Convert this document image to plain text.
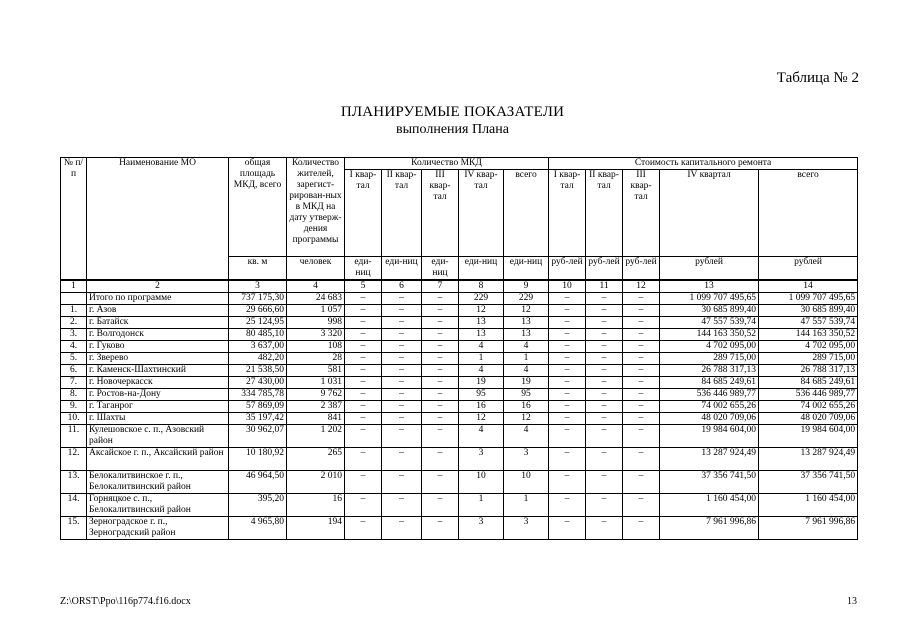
Таблица № 2
ПЛАНИРУЕМЫЕ ПОКАЗАТЕЛИ
выполнения Плана
№ п/п	Наименование МО	общая площадь МКД, всего	Количество жителей, зарегист-рирован-ных в МКД на дату утверж-дения программы	Количество МКД					Стоимость капитального ремонта				
				I квар-тал	II квар-тал	III квар-тал	IV квар-тал	всего	I квар-тал	II квар-тал	III квар-тал	IV квартал	всего
		кв. м	человек	еди-ниц	еди-ниц	еди-ниц	еди-ниц	еди-ниц	руб-лей	руб-лей	руб-лей	рублей	рублей
1	2	3	4	5	6	7	8	9	10	11	12	13	14
	Итого по программе	737 175,30	24 683	–	–	–	229	229	–	–	–	1 099 707 495,65	1 099 707 495,65
1.	г. Азов	29 666,60	1 057	–	–	–	12	12	–	–	–	30 685 899,40	30 685 899,40
2.	г. Батайск	25 124,95	998	–	–	–	13	13	–	–	–	47 557 539,74	47 557 539,74
3.	г. Волгодонск	80 485,10	3 320	–	–	–	13	13	–	–	–	144 163 350,52	144 163 350,52
4.	г. Гуково	3 637,00	108	–	–	–	4	4	–	–	–	4 702 095,00	4 702 095,00
5.	г. Зверево	482,20	28	–	–	–	1	1	–	–	–	289 715,00	289 715,00
6.	г. Каменск-Шахтинский	21 538,50	581	–	–	–	4	4	–	–	–	26 788 317,13	26 788 317,13
7.	г. Новочеркасск	27 430,00	1 031	–	–	–	19	19	–	–	–	84 685 249,61	84 685 249,61
8.	г. Ростов-на-Дону	334 785,78	9 762	–	–	–	95	95	–	–	–	536 446 989,77	536 446 989,77
9.	г. Таганрог	57 869,09	2 387	–	–	–	16	16	–	–	–	74 002 655,26	74 002 655,26
10.	г. Шахты	35 197,42	841	–	–	–	12	12	–	–	–	48 020 709,06	48 020 709,06
11.	Кулешовское с. п., Азовский район	30 962,07	1 202	–	–	–	4	4	–	–	–	19 984 604,00	19 984 604,00
12.	Аксайское г. п., Аксайский район	10 180,92	265	–	–	–	3	3	–	–	–	13 287 924,49	13 287 924,49
13.	Белокалитвинское г. п., Белокалитвинский район	46 964,50	2 010	–	–	–	10	10	–	–	–	37 356 741,50	37 356 741,50
14.	Горняцкое с. п., Белокалитвинский район	395,20	16	–	–	–	1	1	–	–	–	1 160 454,00	1 160 454,00
15.	Зерноградское г. п., Зерноградский район	4 965,80	194	–	–	–	3	3	–	–	–	7 961 996,86	7 961 996,86
Z:\ORST\Ppo\116p774.f16.docx	13
